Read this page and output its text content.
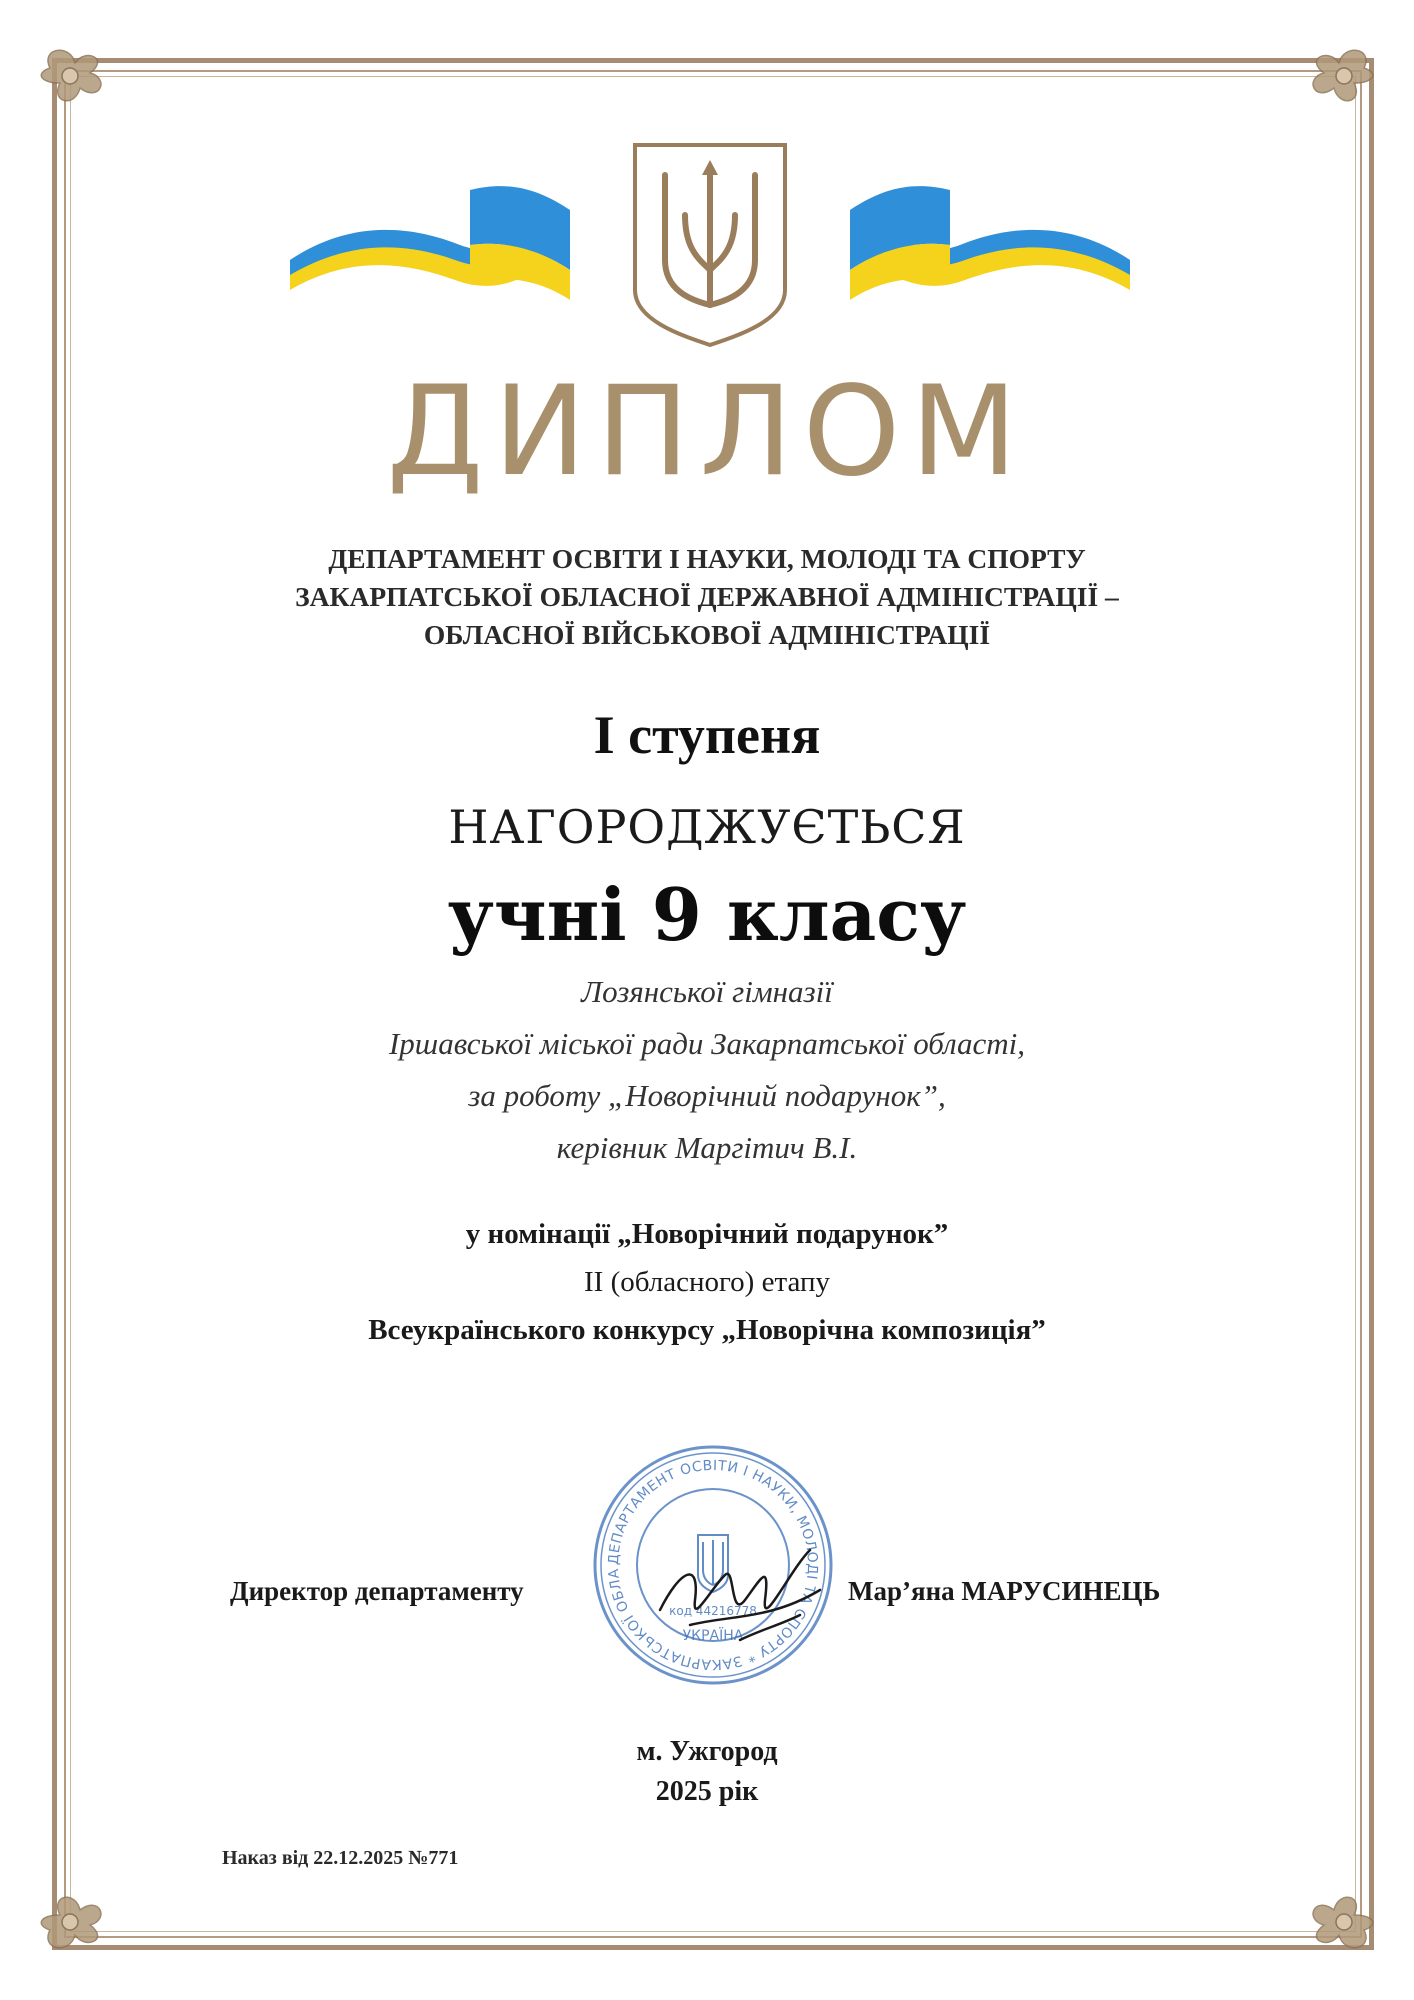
ДИПЛОМ
ДЕПАРТАМЕНТ ОСВІТИ І НАУКИ, МОЛОДІ ТА СПОРТУ
ЗАКАРПАТСЬКОЇ ОБЛАСНОЇ ДЕРЖАВНОЇ АДМІНІСТРАЦІЇ –
ОБЛАСНОЇ ВІЙСЬКОВОЇ АДМІНІСТРАЦІЇ
І ступеня
НАГОРОДЖУЄТЬСЯ
учні 9 класу
Лозянської гімназії
Іршавської міської ради Закарпатської області,
за роботу „Новорічний подарунок”,
керівник Маргітич В.І.
у номінації „Новорічний подарунок”
ІІ (обласного) етапу
Всеукраїнського конкурсу „Новорічна композиція”
ДЕПАРТАМЕНТ ОСВІТИ І НАУКИ, МОЛОДІ ТА СПОРТУ * ЗАКАРПАТСЬКОЇ ОБЛА
код 44216778
УКРАЇНА
Директор департаменту	Мар’яна МАРУСИНЕЦЬ
м. Ужгород
2025 рік
Наказ від 22.12.2025 №771
